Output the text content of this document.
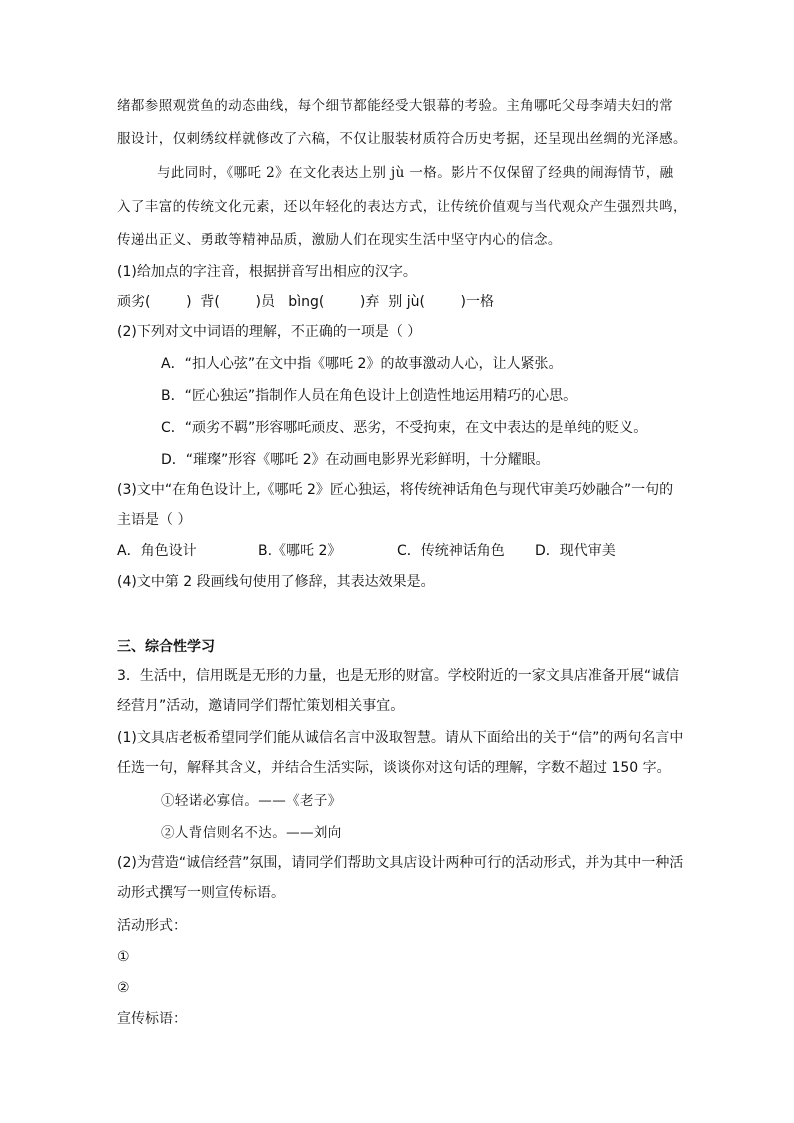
绪都参照观赏鱼的动态曲线，每个细节都能经受大银幕的考验。主角哪吒父母李靖夫妇的常
服设计，仅刺绣纹样就修改了六稿，不仅让服装材质符合历史考据，还呈现出丝绸的光泽感。
与此同时，《哪吒 2》在文化表达上别 jù 一格。影片不仅保留了经典的闹海情节，融
入了丰富的传统文化元素，还以年轻化的表达方式，让传统价值观与当代观众产生强烈共鸣，
传递出正义、勇敢等精神品质，激励人们在现实生活中坚守内心的信念。
(1)给加点的字注音，根据拼音写出相应的汉字。
顽劣(        )  背(        )员   bìng(        )弃  别 jù(        )一格
(2)下列对文中词语的理解，不正确的一项是（ ）
A．“扣人心弦”在文中指《哪吒 2》的故事激动人心，让人紧张。
B．“匠心独运”指制作人员在角色设计上创造性地运用精巧的心思。
C．“顽劣不羁”形容哪吒顽皮、恶劣，不受拘束，在文中表达的是单纯的贬义。
D．“璀璨”形容《哪吒 2》在动画电影界光彩鲜明，十分耀眼。
(3)文中“在角色设计上,《哪吒 2》匠心独运，将传统神话角色与现代审美巧妙融合”一句的
主语是（ ）
A．角色设计	B.《哪吒 2》	C．传统神话角色 D．现代审美
(4)文中第 2 段画线句使用了修辞，其表达效果是。
三、综合性学习
3．生活中，信用既是无形的力量，也是无形的财富。学校附近的一家文具店准备开展“诚信
经营月”活动，邀请同学们帮忙策划相关事宜。
(1)文具店老板希望同学们能从诚信名言中汲取智慧。请从下面给出的关于“信”的两句名言中
任选一句，解释其含义，并结合生活实际，谈谈你对这句话的理解，字数不超过 150 字。
①轻诺必寡信。——《老子》
②人背信则名不达。——刘向
(2)为营造“诚信经营”氛围，请同学们帮助文具店设计两种可行的活动形式，并为其中一种活
动形式撰写一则宣传标语。
活动形式：
①
②
宣传标语：
